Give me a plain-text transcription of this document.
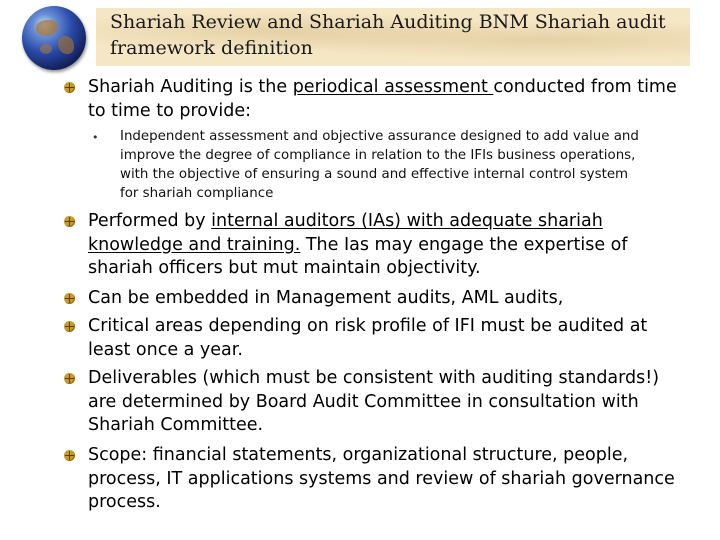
Shariah Review and Shariah Auditing BNM Shariah audit framework definition
Shariah Auditing is the periodical assessment conducted from time to time to provide:
• Independent assessment and objective assurance designed to add value and improve the degree of compliance in relation to the IFIs business operations, with the objective of ensuring a sound and effective internal control system for shariah compliance
Performed by internal auditors (IAs) with adequate shariah knowledge and training. The Ias may engage the expertise of shariah officers but mut maintain objectivity.
Can be embedded in Management audits, AML audits,
Critical areas depending on risk profile of IFI must be audited at least once a year.
Deliverables (which must be consistent with auditing standards!) are determined by Board Audit Committee in consultation with Shariah Committee.
Scope: financial statements, organizational structure, people, process, IT applications systems and review of shariah governance process.
